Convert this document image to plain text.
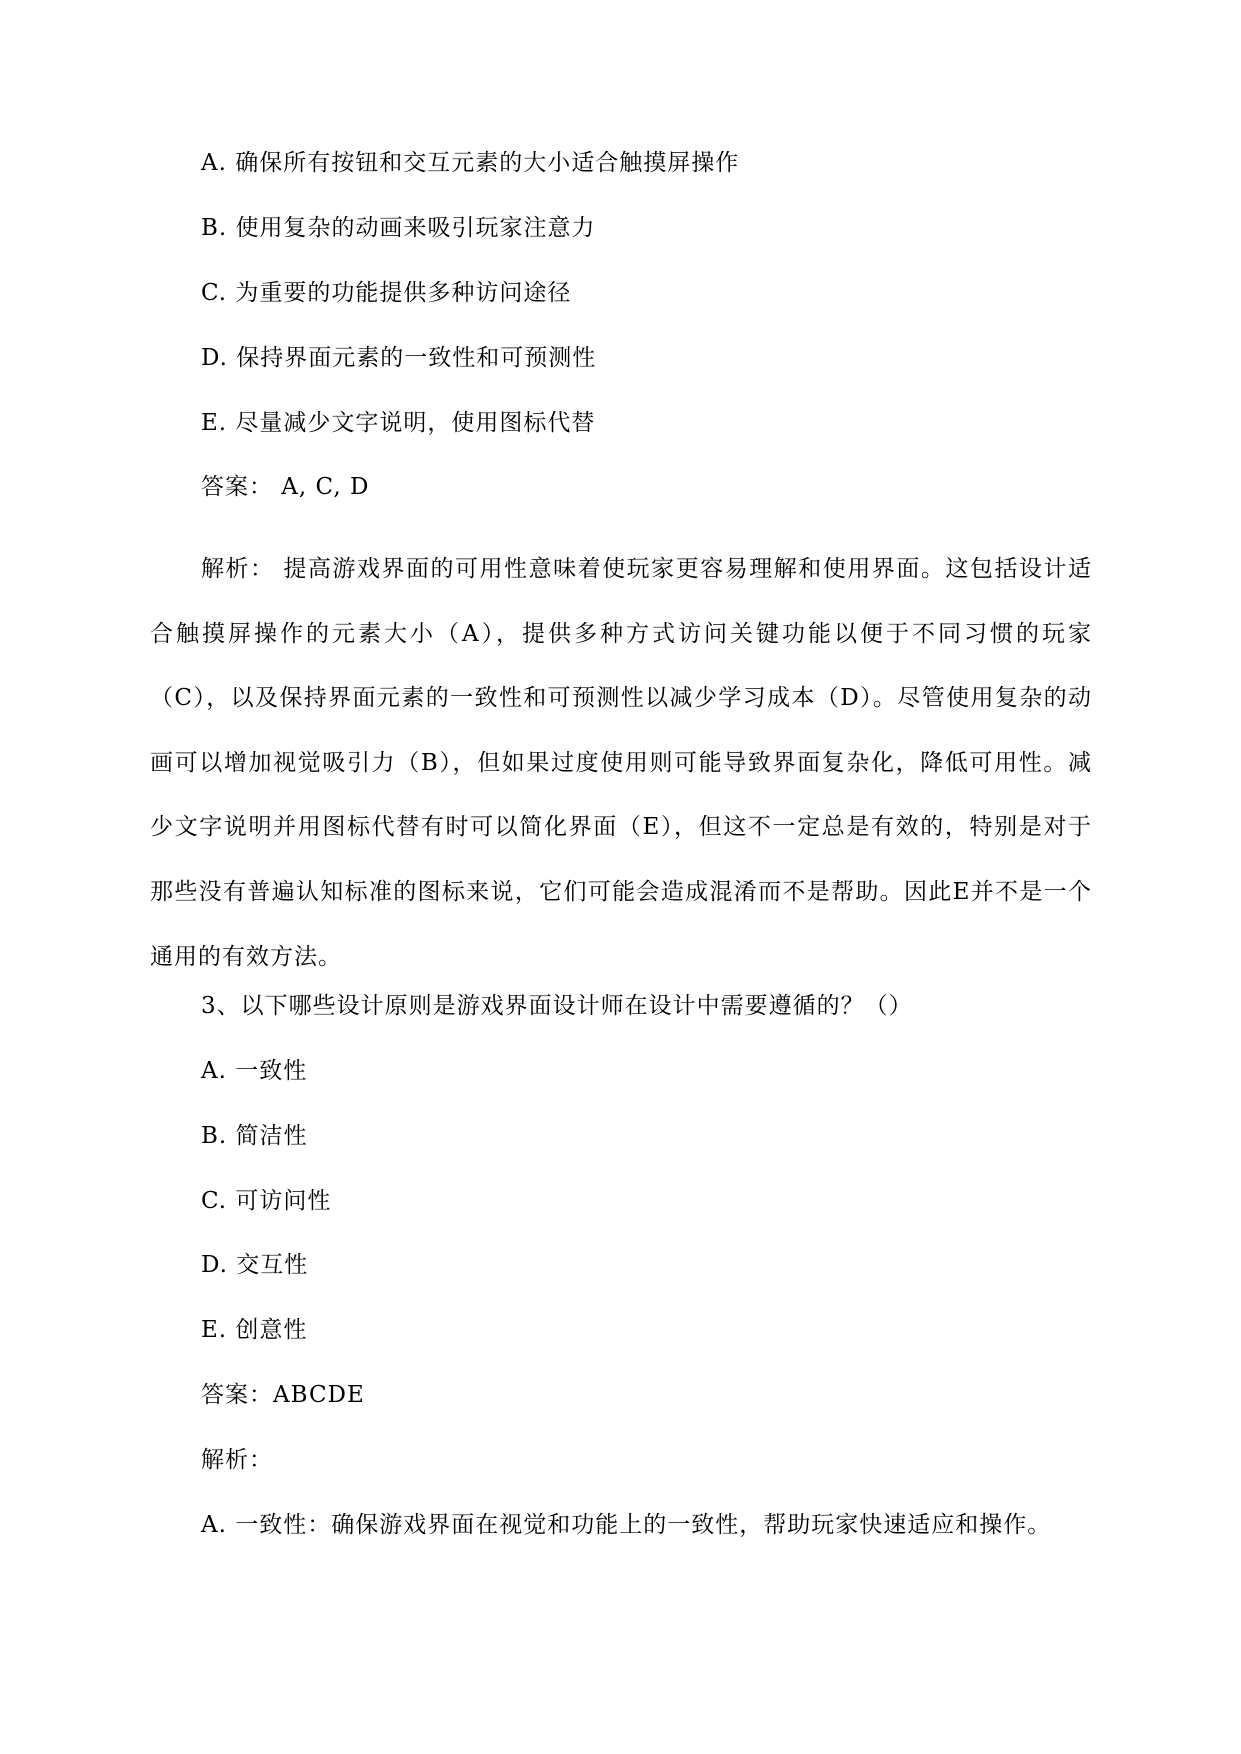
A. 确保所有按钮和交互元素的大小适合触摸屏操作
B. 使用复杂的动画来吸引玩家注意力
C. 为重要的功能提供多种访问途径
D. 保持界面元素的一致性和可预测性
E. 尽量减少文字说明，使用图标代替
答案： A, C, D

解析： 提高游戏界面的可用性意味着使玩家更容易理解和使用界面。这包括设计适合触摸屏操作的元素大小（A），提供多种方式访问关键功能以便于不同习惯的玩家（C），以及保持界面元素的一致性和可预测性以减少学习成本（D）。尽管使用复杂的动画可以增加视觉吸引力（B），但如果过度使用则可能导致界面复杂化，降低可用性。减少文字说明并用图标代替有时可以简化界面（E），但这不一定总是有效的，特别是对于那些没有普遍认知标准的图标来说，它们可能会造成混淆而不是帮助。因此E并不是一个通用的有效方法。

3、以下哪些设计原则是游戏界面设计师在设计中需要遵循的？（）
A. 一致性
B. 简洁性
C. 可访问性
D. 交互性
E. 创意性
答案：ABCDE
解析：
A. 一致性：确保游戏界面在视觉和功能上的一致性，帮助玩家快速适应和操作。
